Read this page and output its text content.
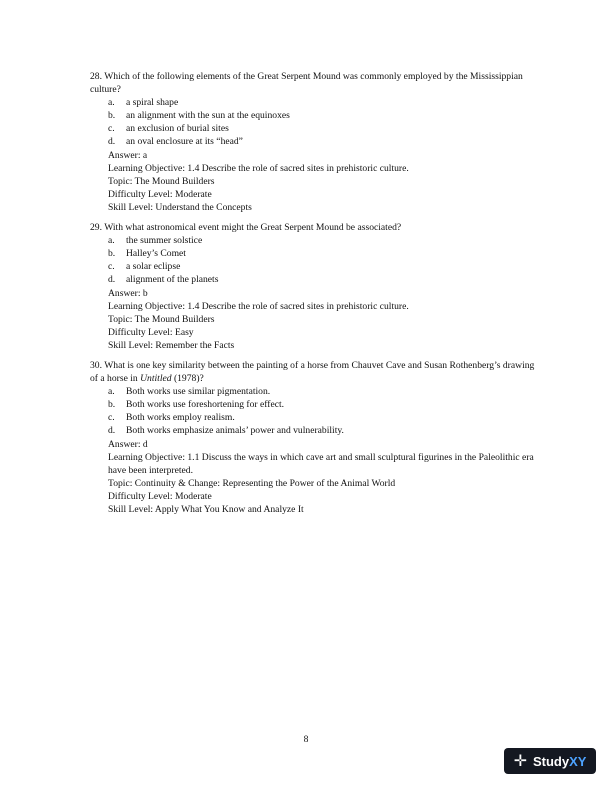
28. Which of the following elements of the Great Serpent Mound was commonly employed by the Mississippian culture?

a. a spiral shape
b. an alignment with the sun at the equinoxes
c. an exclusion of burial sites
d. an oval enclosure at its “head”
Answer: a
Learning Objective: 1.4 Describe the role of sacred sites in prehistoric culture.
Topic: The Mound Builders
Difficulty Level: Moderate
Skill Level: Understand the Concepts

29. With what astronomical event might the Great Serpent Mound be associated?

a. the summer solstice
b. Halley’s Comet
c. a solar eclipse
d. alignment of the planets
Answer: b
Learning Objective: 1.4 Describe the role of sacred sites in prehistoric culture.
Topic: The Mound Builders
Difficulty Level: Easy
Skill Level: Remember the Facts

30. What is one key similarity between the painting of a horse from Chauvet Cave and Susan Rothenberg’s drawing of a horse in Untitled (1978)?

a. Both works use similar pigmentation.
b. Both works use foreshortening for effect.
c. Both works employ realism.
d. Both works emphasize animals’ power and vulnerability.
Answer: d
Learning Objective: 1.1 Discuss the ways in which cave art and small sculptural figurines in the Paleolithic era have been interpreted.
Topic: Continuity & Change: Representing the Power of the Animal World
Difficulty Level: Moderate
Skill Level: Apply What You Know and Analyze It
8
✛ Study XY
